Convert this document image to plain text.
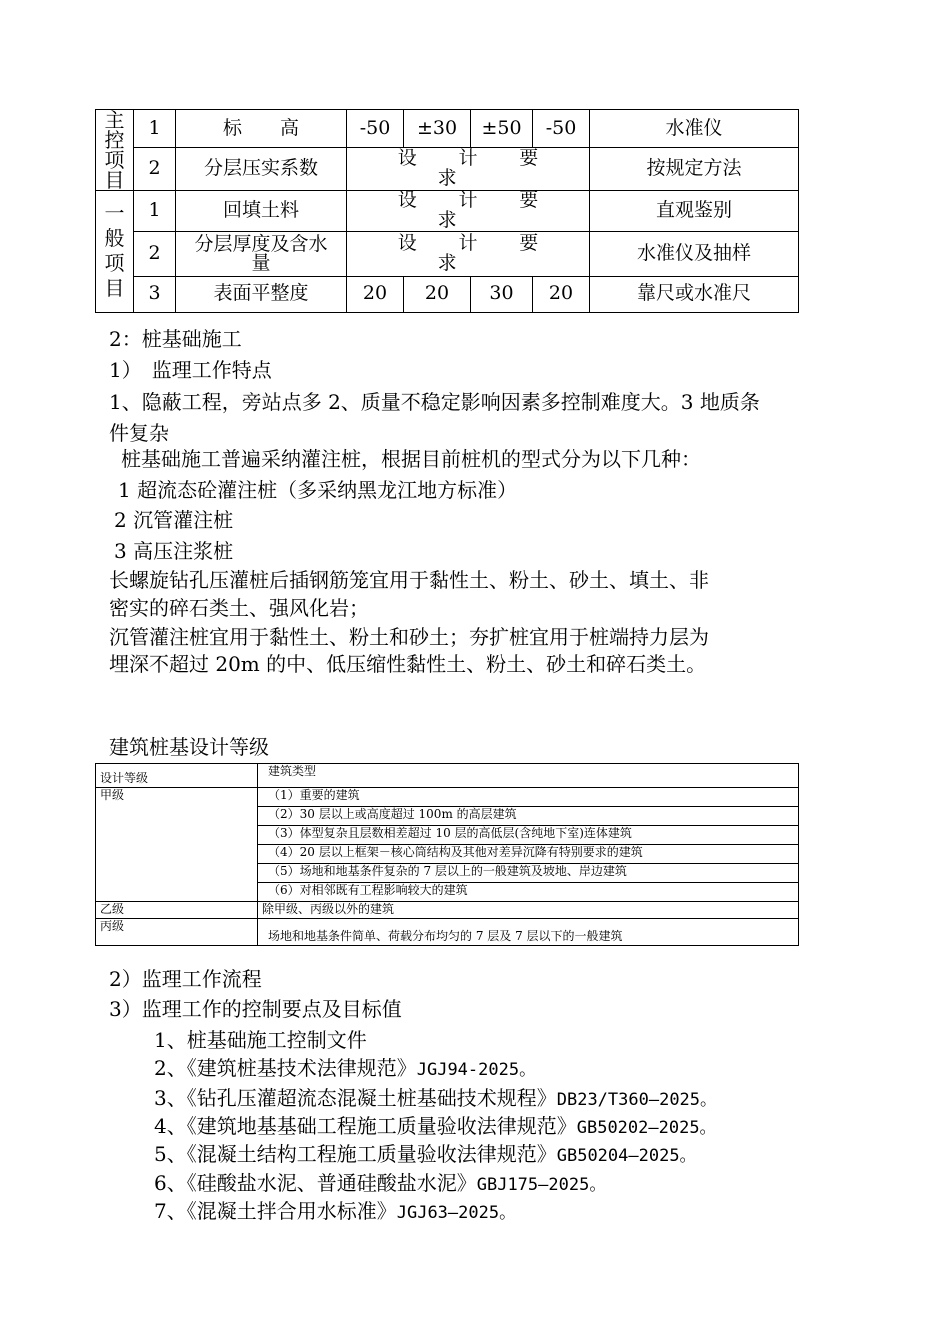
主控项目	1	标　　高	-50	±30	±50	-50	水准仪
	2	分层压实系数	设计要求				按规定方法

一般项目	1	回填土料	设计要求				直观鉴别
	2	分层厚度及含水量	设计要求				水准仪及抽样
	3	表面平整度	20	20	30	20	靠尺或水准尺
2：桩基础施工
1）　监理工作特点
1、隐蔽工程，旁站点多 2、质量不稳定影响因素多控制难度大。3 地质条
件复杂
桩基础施工普遍采纳灌注桩，根据目前桩机的型式分为以下几种：
1 超流态砼灌注桩（多采纳黑龙江地方标准）
2 沉管灌注桩
3 高压注浆桩
长螺旋钻孔压灌桩后插钢筋笼宜用于黏性土、粉土、砂土、填土、非
密实的碎石类土、强风化岩；
沉管灌注桩宜用于黏性土、粉土和砂土；夯扩桩宜用于桩端持力层为
埋深不超过 20m 的中、低压缩性黏性土、粉土、砂土和碎石类土。
建筑桩基设计等级
设计等级	建筑类型
甲级	（1）重要的建筑
	（2）30 层以上或高度超过 100m 的高层建筑
	（3）体型复杂且层数相差超过 10 层的高低层(含纯地下室)连体建筑
	（4）20 层以上框架－核心筒结构及其他对差异沉降有特别要求的建筑
	（5）场地和地基条件复杂的 7 层以上的一般建筑及坡地、岸边建筑
	（6）对相邻既有工程影响较大的建筑
乙级	除甲级、丙级以外的建筑
丙级	场地和地基条件简单、荷载分布均匀的 7 层及 7 层以下的一般建筑
2）监理工作流程
3）监理工作的控制要点及目标值
1、桩基础施工控制文件
2、《建筑桩基技术法律规范》JGJ94-2025。
3、《钻孔压灌超流态混凝土桩基础技术规程》DB23/T360—2025。
4、《建筑地基基础工程施工质量验收法律规范》GB50202—2025。
5、《混凝土结构工程施工质量验收法律规范》GB50204—2025。
6、《硅酸盐水泥、普通硅酸盐水泥》GBJ175—2025。
7、《混凝土拌合用水标准》JGJ63—2025。
